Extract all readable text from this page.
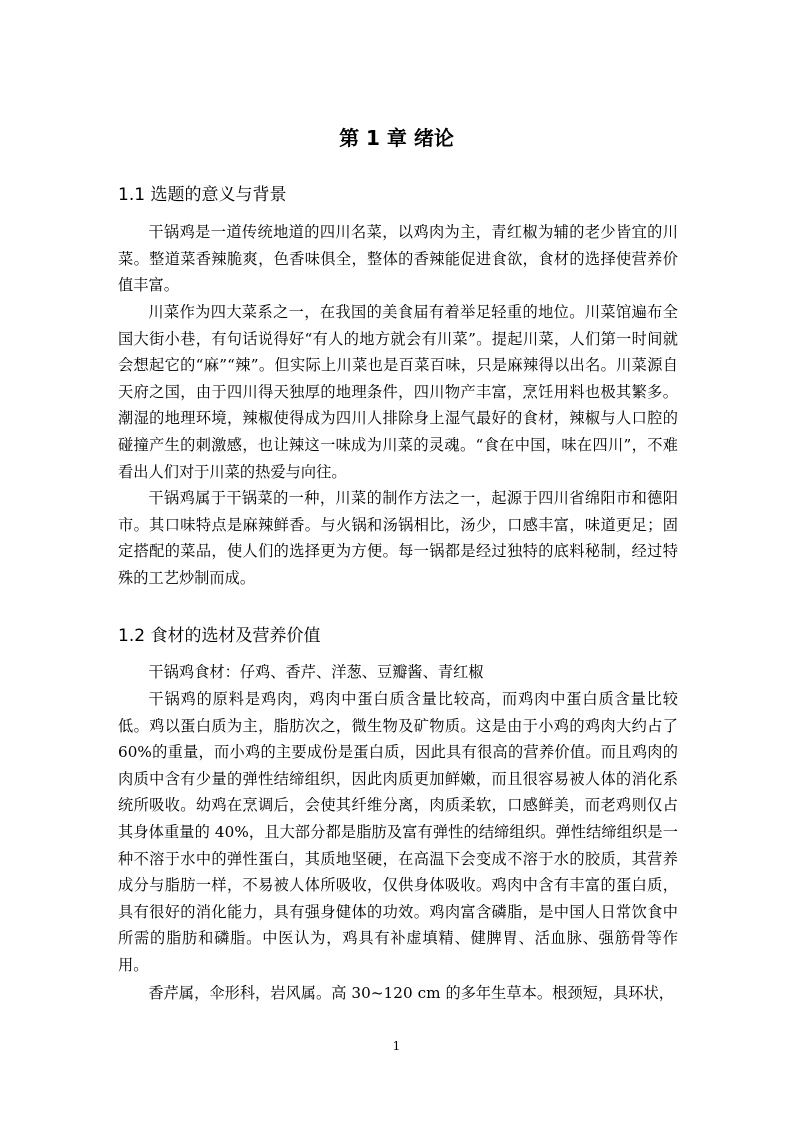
第 1 章 绪论
1.1 选题的意义与背景

干锅鸡是一道传统地道的四川名菜，以鸡肉为主，青红椒为辅的老少皆宜的川菜。整道菜香辣脆爽，色香味俱全，整体的香辣能促进食欲，食材的选择使营养价值丰富。

川菜作为四大菜系之一，在我国的美食届有着举足轻重的地位。川菜馆遍布全国大街小巷，有句话说得好“有人的地方就会有川菜”。提起川菜，人们第一时间就会想起它的“麻”“辣”。但实际上川菜也是百菜百味，只是麻辣得以出名。川菜源自天府之国，由于四川得天独厚的地理条件，四川物产丰富，烹饪用料也极其繁多。潮湿的地理环境，辣椒使得成为四川人排除身上湿气最好的食材，辣椒与人口腔的碰撞产生的刺激感，也让辣这一味成为川菜的灵魂。“食在中国，味在四川”，不难看出人们对于川菜的热爱与向往。

干锅鸡属于干锅菜的一种，川菜的制作方法之一，起源于四川省绵阳市和德阳市。其口味特点是麻辣鲜香。与火锅和汤锅相比，汤少，口感丰富，味道更足；固定搭配的菜品，使人们的选择更为方便。每一锅都是经过独特的底料秘制，经过特殊的工艺炒制而成。

1.2 食材的选材及营养价值

干锅鸡食材：仔鸡、香芹、洋葱、豆瓣酱、青红椒

干锅鸡的原料是鸡肉，鸡肉中蛋白质含量比较高，而鸡肉中蛋白质含量比较低。鸡以蛋白质为主，脂肪次之，微生物及矿物质。这是由于小鸡的鸡肉大约占了 60%的重量，而小鸡的主要成份是蛋白质，因此具有很高的营养价值。而且鸡肉的肉质中含有少量的弹性结缔组织，因此肉质更加鲜嫩，而且很容易被人体的消化系统所吸收。幼鸡在烹调后，会使其纤维分离，肉质柔软，口感鲜美，而老鸡则仅占其身体重量的 40%，且大部分都是脂肪及富有弹性的结缔组织。弹性结缔组织是一种不溶于水中的弹性蛋白，其质地坚硬，在高温下会变成不溶于水的胶质，其营养成分与脂肪一样，不易被人体所吸收，仅供身体吸收。鸡肉中含有丰富的蛋白质，具有很好的消化能力，具有强身健体的功效。鸡肉富含磷脂，是中国人日常饮食中所需的脂肪和磷脂。中医认为，鸡具有补虚填精、健脾胃、活血脉、强筋骨等作用。

香芹属，伞形科，岩风属。高 30~120 cm 的多年生草本。根颈短，具环状，

1
